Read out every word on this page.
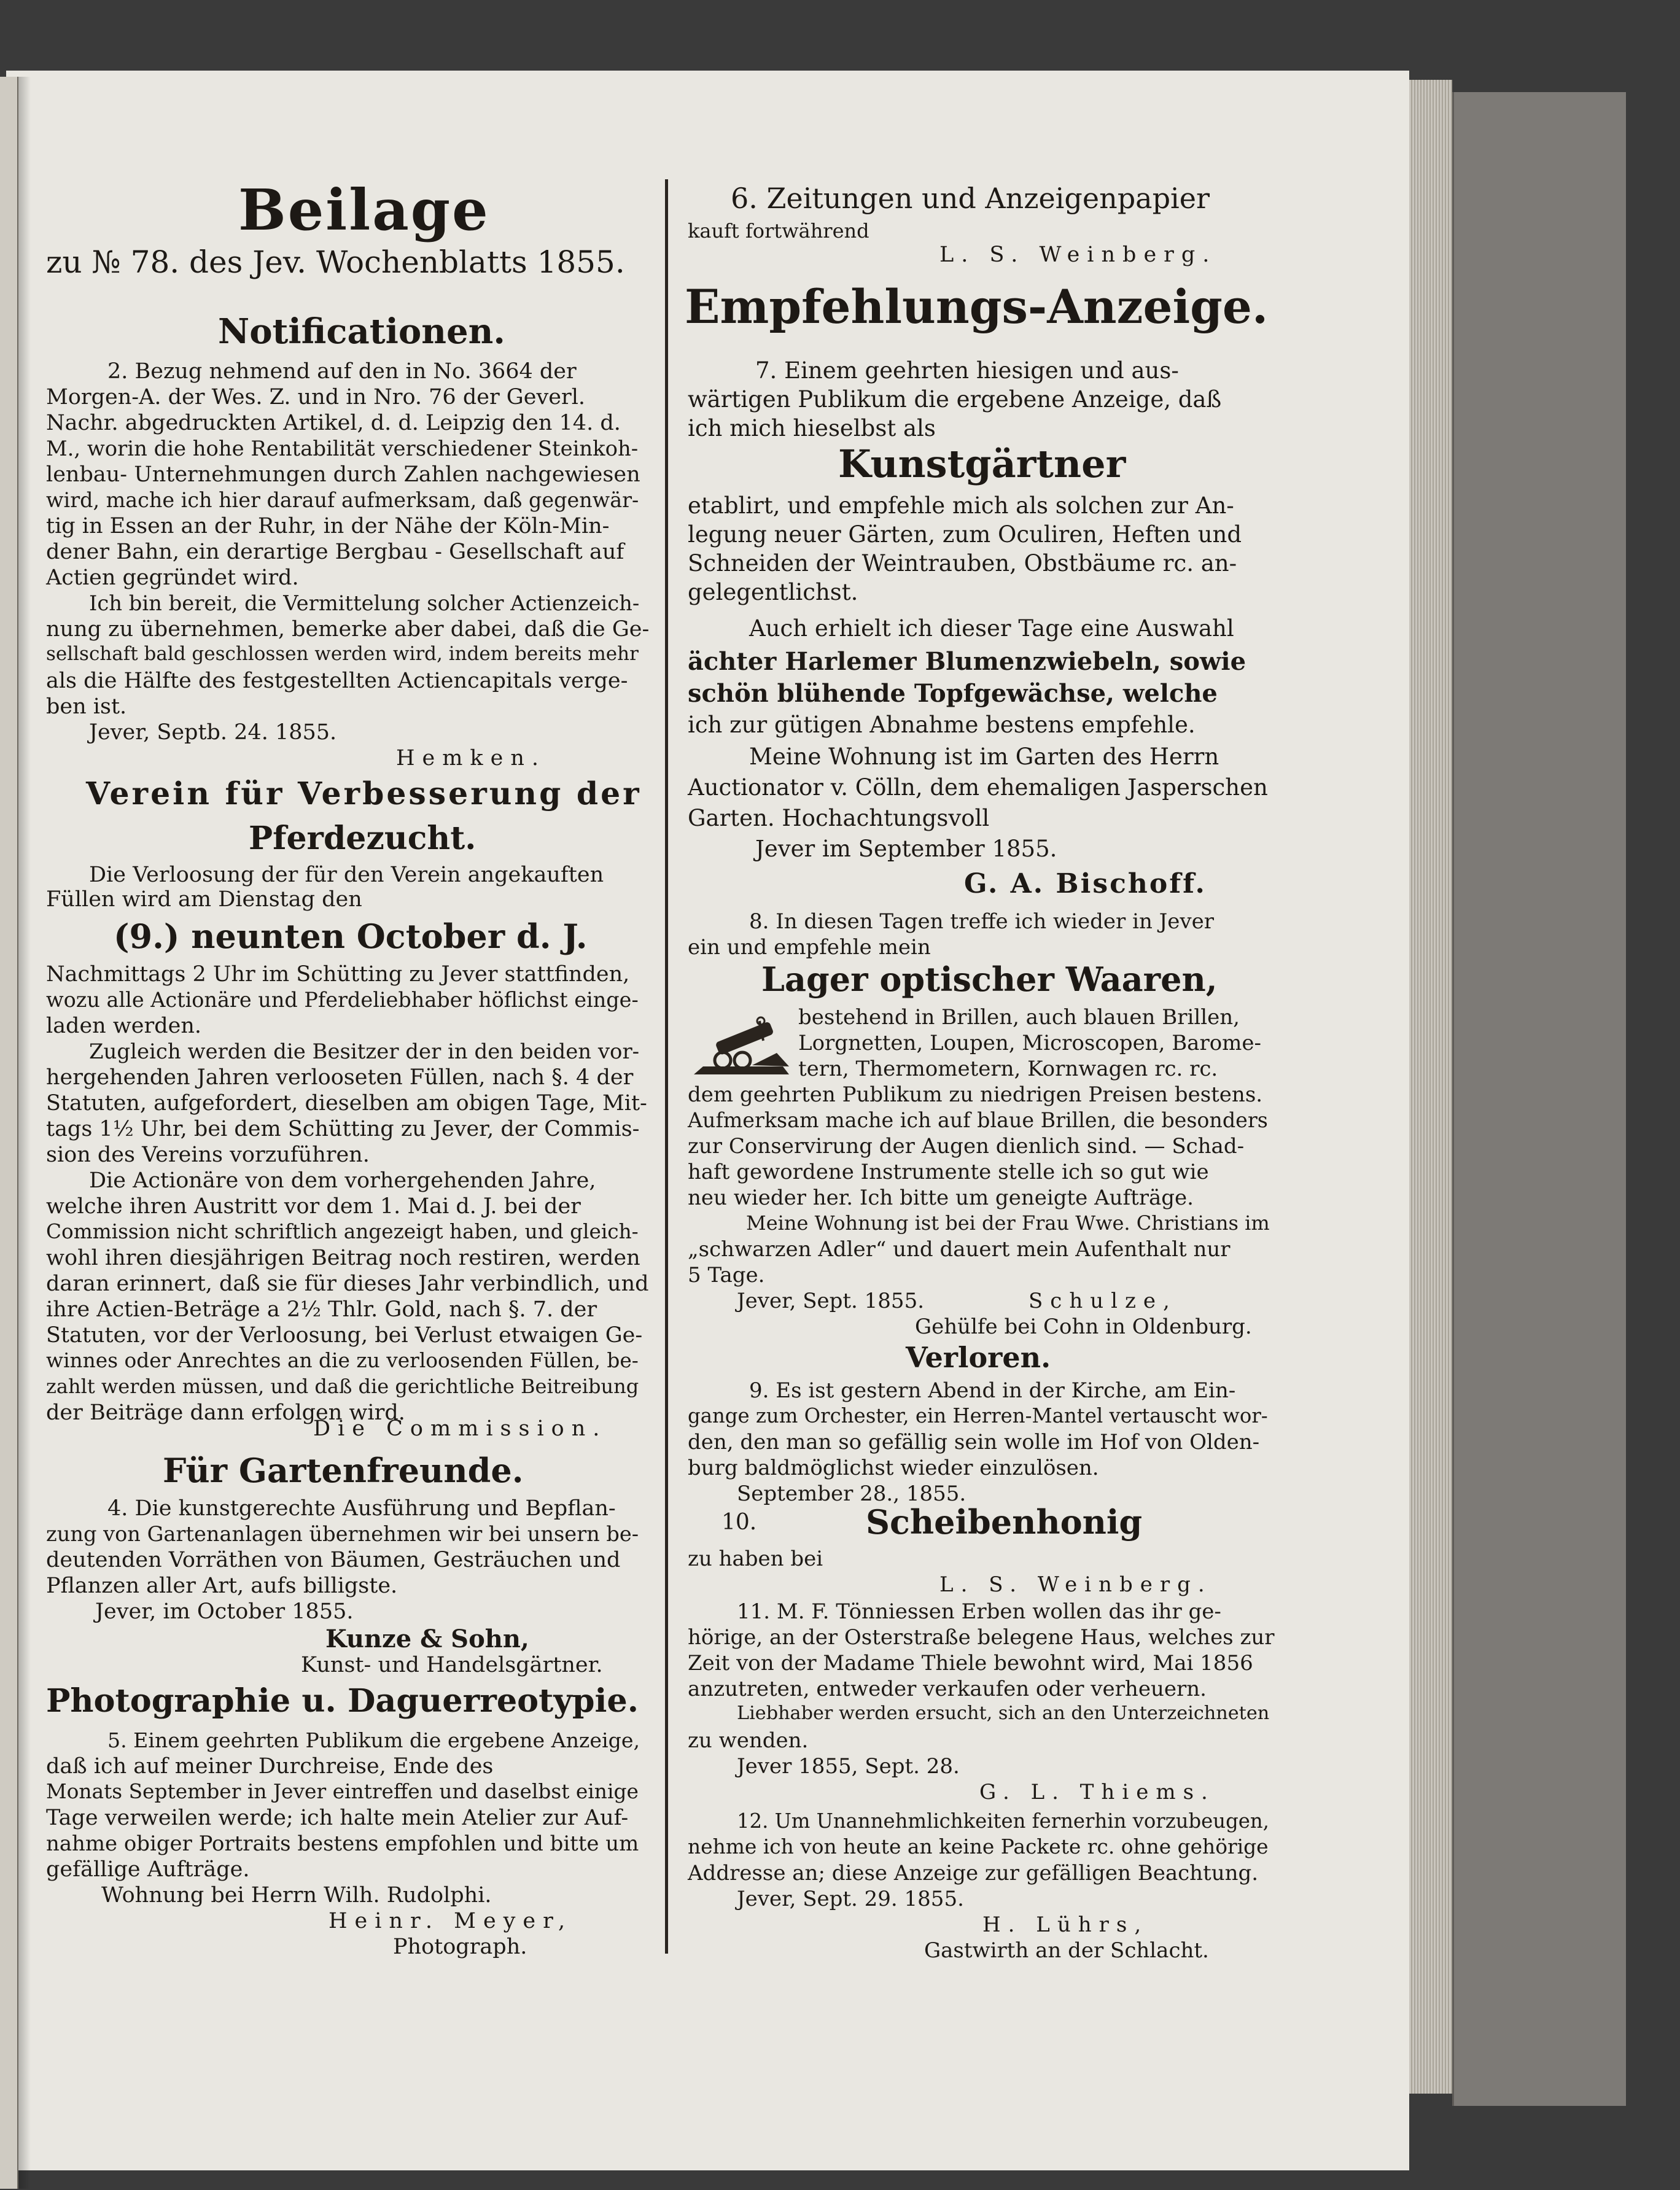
Beilage
zu № 78. des Jev. Wochenblatts 1855.
Notificationen.
2. Bezug nehmend auf den in No. 3664 der
Morgen-A. der Wes. Z. und in Nro. 76 der Geverl.
Nachr. abgedruckten Artikel, d. d. Leipzig den 14. d.
M., worin die hohe Rentabilität verschiedener Steinkoh-
lenbau- Unternehmungen durch Zahlen nachgewiesen
wird, mache ich hier darauf aufmerksam, daß gegenwär-
tig in Essen an der Ruhr, in der Nähe der Köln-Min-
dener Bahn, ein derartige Bergbau - Gesellschaft auf
Actien gegründet wird.
Ich bin bereit, die Vermittelung solcher Actienzeich-
nung zu übernehmen, bemerke aber dabei, daß die Ge-
sellschaft bald geschlossen werden wird, indem bereits mehr
als die Hälfte des festgestellten Actiencapitals verge-
ben ist.
Jever, Septb. 24. 1855.
Hemken.
Verein für Verbesserung der
Pferdezucht.
Die Verloosung der für den Verein angekauften
Füllen wird am Dienstag den
(9.) neunten October d. J.
Nachmittags 2 Uhr im Schütting zu Jever stattfinden,
wozu alle Actionäre und Pferdeliebhaber höflichst einge-
laden werden.
Zugleich werden die Besitzer der in den beiden vor-
hergehenden Jahren verlooseten Füllen, nach §. 4 der
Statuten, aufgefordert, dieselben am obigen Tage, Mit-
tags 1½ Uhr, bei dem Schütting zu Jever, der Commis-
sion des Vereins vorzuführen.
Die Actionäre von dem vorhergehenden Jahre,
welche ihren Austritt vor dem 1. Mai d. J. bei der
Commission nicht schriftlich angezeigt haben, und gleich-
wohl ihren diesjährigen Beitrag noch restiren, werden
daran erinnert, daß sie für dieses Jahr verbindlich, und
ihre Actien-Beträge a 2½ Thlr. Gold, nach §. 7. der
Statuten, vor der Verloosung, bei Verlust etwaigen Ge-
winnes oder Anrechtes an die zu verloosenden Füllen, be-
zahlt werden müssen, und daß die gerichtliche Beitreibung
der Beiträge dann erfolgen wird.
Die Commission.
Für Gartenfreunde.
4. Die kunstgerechte Ausführung und Bepflan-
zung von Gartenanlagen übernehmen wir bei unsern be-
deutenden Vorräthen von Bäumen, Gesträuchen und
Pflanzen aller Art, aufs billigste.
Jever, im October 1855.
Kunze & Sohn,
Kunst- und Handelsgärtner.
Photographie u. Daguerreotypie.
5. Einem geehrten Publikum die ergebene Anzeige,
daß ich auf meiner Durchreise, Ende des
Monats September in Jever eintreffen und daselbst einige
Tage verweilen werde; ich halte mein Atelier zur Auf-
nahme obiger Portraits bestens empfohlen und bitte um
gefällige Aufträge.
Wohnung bei Herrn Wilh. Rudolphi.
Heinr. Meyer,
Photograph.
6. Zeitungen und Anzeigenpapier
kauft fortwährend
L. S. Weinberg.
Empfehlungs-Anzeige.
7. Einem geehrten hiesigen und aus-
wärtigen Publikum die ergebene Anzeige, daß
ich mich hieselbst als
Kunstgärtner
etablirt, und empfehle mich als solchen zur An-
legung neuer Gärten, zum Oculiren, Heften und
Schneiden der Weintrauben, Obstbäume rc. an-
gelegentlichst.
Auch erhielt ich dieser Tage eine Auswahl
ächter Harlemer Blumenzwiebeln, sowie
schön blühende Topfgewächse, welche
ich zur gütigen Abnahme bestens empfehle.
Meine Wohnung ist im Garten des Herrn
Auctionator v. Cölln, dem ehemaligen Jasperschen
Garten. Hochachtungsvoll
Jever im September 1855.
G. A. Bischoff.
8. In diesen Tagen treffe ich wieder in Jever
ein und empfehle mein
Lager optischer Waaren,
bestehend in Brillen, auch blauen Brillen,
Lorgnetten, Loupen, Microscopen, Barome-
tern, Thermometern, Kornwagen rc. rc.
dem geehrten Publikum zu niedrigen Preisen bestens.
Aufmerksam mache ich auf blaue Brillen, die besonders
zur Conservirung der Augen dienlich sind. — Schad-
haft gewordene Instrumente stelle ich so gut wie
neu wieder her. Ich bitte um geneigte Aufträge.
Meine Wohnung ist bei der Frau Wwe. Christians im
„schwarzen Adler“ und dauert mein Aufenthalt nur
5 Tage.
Jever, Sept. 1855.	Schulze,
Gehülfe bei Cohn in Oldenburg.
Verloren.
9. Es ist gestern Abend in der Kirche, am Ein-
gange zum Orchester, ein Herren-Mantel vertauscht wor-
den, den man so gefällig sein wolle im Hof von Olden-
burg baldmöglichst wieder einzulösen.
September 28., 1855.
10.	Scheibenhonig
zu haben bei
L. S. Weinberg.
11. M. F. Tönniessen Erben wollen das ihr ge-
hörige, an der Osterstraße belegene Haus, welches zur
Zeit von der Madame Thiele bewohnt wird, Mai 1856
anzutreten, entweder verkaufen oder verheuern.
Liebhaber werden ersucht, sich an den Unterzeichneten
zu wenden.
Jever 1855, Sept. 28.
G. L. Thiems.
12. Um Unannehmlichkeiten fernerhin vorzubeugen,
nehme ich von heute an keine Packete rc. ohne gehörige
Addresse an; diese Anzeige zur gefälligen Beachtung.
Jever, Sept. 29. 1855.
H. Lührs,
Gastwirth an der Schlacht.
